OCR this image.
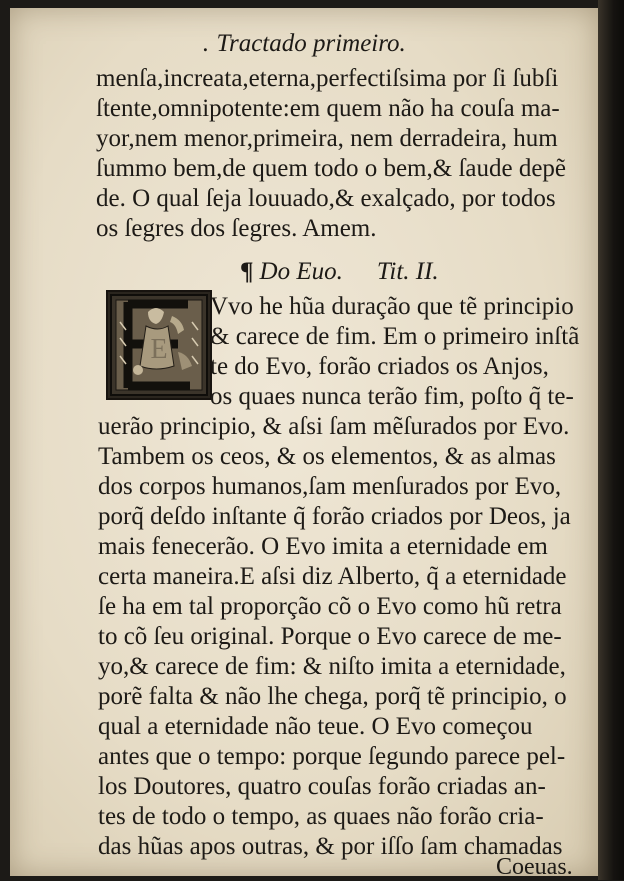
. Tractado primeiro.
menſa,increata,eterna,perfectiſsima por ſi ſubſi
ſtente,omnipotente:em quem não ha couſa ma-
yor,nem menor,primeira, nem derradeira, hum
ſummo bem,de quem todo o bem,& ſaude depẽ
de. O qual ſeja louuado,& exalçado, por todos
os ſegres dos ſegres. Amem.
¶ Do Euo. Tit. II.
E
Vvo he hũa duração que tẽ principio
& carece de fim. Em o primeiro inſtã
te do Evo, forão criados os Anjos,
os quaes nunca terão fim, poſto q̃ te-
uerão principio, & aſsi ſam mẽſurados por Evo.
Tambem os ceos, & os elementos, & as almas
dos corpos humanos,ſam menſurados por Evo,
porq̃ deſdo inſtante q̃ forão criados por Deos, ja
mais fenecerão. O Evo imita a eternidade em
certa maneira.E aſsi diz Alberto, q̃ a eternidade
ſe ha em tal proporção cõ o Evo como hũ retra
to cõ ſeu original. Porque o Evo carece de me-
yo,& carece de fim: & niſto imita a eternidade,
porẽ falta & não lhe chega, porq̃ tẽ principio, o
qual a eternidade não teue. O Evo começou
antes que o tempo: porque ſegundo parece pel-
los Doutores, quatro couſas forão criadas an-
tes de todo o tempo, as quaes não forão cria-
das hũas apos outras, & por iſſo ſam chamadas
Coeuas.
